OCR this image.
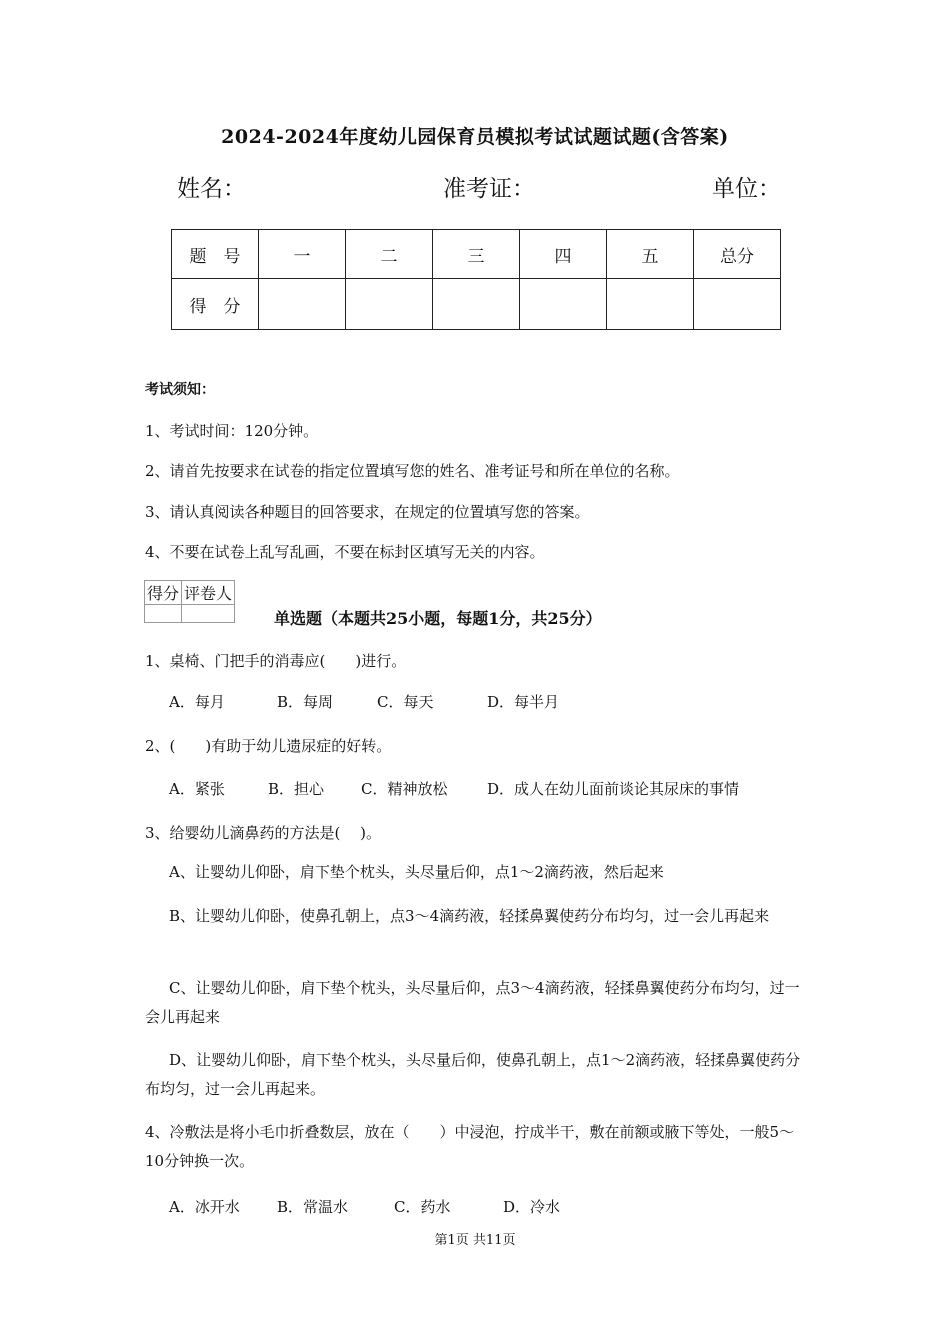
2024-2024年度幼儿园保育员模拟考试试题试题(含答案)
姓名：	准考证：	单位：
题　号	一	二	三	四	五	总分
得　分						
考试须知：
1、考试时间：120分钟。
2、请首先按要求在试卷的指定位置填写您的姓名、准考证号和所在单位的名称。
3、请认真阅读各种题目的回答要求，在规定的位置填写您的答案。
4、不要在试卷上乱写乱画，不要在标封区填写无关的内容。
得分	评卷人

单选题（本题共25小题，每题1分，共25分）
1、桌椅、门把手的消毒应(　　)进行。
A．每月	B．每周	C．每天	D．每半月
2、(　　)有助于幼儿遗尿症的好转。
A．紧张	B．担心 C．精神放松	D．成人在幼儿面前谈论其尿床的事情
3、给婴幼儿滴鼻药的方法是(　 )。
A、让婴幼儿仰卧，肩下垫个枕头，头尽量后仰，点1～2滴药液，然后起来
B、让婴幼儿仰卧，使鼻孔朝上，点3～4滴药液，轻揉鼻翼使药分布均匀，过一会儿再起来
C、让婴幼儿仰卧，肩下垫个枕头，头尽量后仰，点3～4滴药液，轻揉鼻翼使药分布均匀，过一会儿再起来
D、让婴幼儿仰卧，肩下垫个枕头，头尽量后仰，使鼻孔朝上，点1～2滴药液，轻揉鼻翼使药分布均匀，过一会儿再起来。
4、冷敷法是将小毛巾折叠数层，放在（　　）中浸泡，拧成半干，敷在前额或腋下等处，一般5～10分钟换一次。
A．冰开水 B．常温水	C．药水	D．冷水
第1页 共11页
